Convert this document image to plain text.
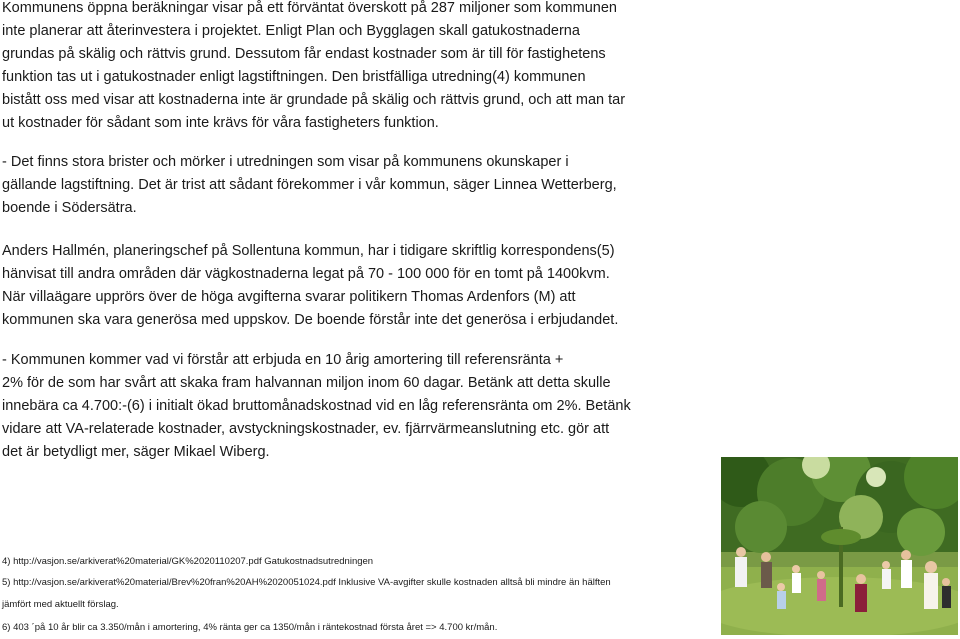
Kommunens öppna beräkningar visar på ett förväntat överskott på 287 miljoner som kommunen
inte planerar att återinvestera i projektet. Enligt Plan och Bygglagen skall gatukostnaderna
grundas på skälig och rättvis grund. Dessutom får endast kostnader som är till för fastighetens
funktion tas ut i gatukostnader enligt lagstiftningen. Den bristfälliga utredning(4) kommunen
bistått oss med visar att kostnaderna inte är grundade på skälig och rättvis grund, och att man tar
ut kostnader för sådant som inte krävs för våra fastigheters funktion.
- Det finns stora brister och mörker i utredningen som visar på kommunens okunskaper i
gällande lagstiftning. Det är trist att sådant förekommer i vår kommun, säger Linnea Wetterberg,
boende i Södersätra.
Anders Hallmén, planeringschef på Sollentuna kommun, har i tidigare skriftlig korrespondens(5)
hänvisat till andra områden där vägkostnaderna legat på 70 - 100 000 för en tomt på 1400kvm.
När villaägare upprörs över de höga avgifterna svarar politikern Thomas Ardenfors (M) att
kommunen ska vara generösa med uppskov. De boende förstår inte det generösa i erbjudandet.
- Kommunen kommer vad vi förstår att erbjuda en 10 årig amortering till referensränta +
2% för de som har svårt att skaka fram halvannan miljon inom 60 dagar. Betänk att detta skulle
innebära ca 4.700:-(6) i initialt ökad bruttomånadskostnad vid en låg referensränta om 2%. Betänk
vidare att VA-relaterade kostnader, avstyckningskostnader, ev. fjärrvärmeanslutning etc. gör att
det är betydligt mer, säger Mikael Wiberg.
4) http://vasjon.se/arkiverat%20material/GK%2020110207.pdf Gatukostnadsutredningen
5) http://vasjon.se/arkiverat%20material/Brev%20fran%20AH%2020051024.pdf Inklusive VA-avgifter skulle kostnaden alltså bli mindre än hälften
jämfört med aktuellt förslag.
6) 403 ´på 10 år blir ca 3.350/mån i amortering, 4% ränta ger ca 1350/mån i räntekostnad första året => 4.700 kr/mån.
